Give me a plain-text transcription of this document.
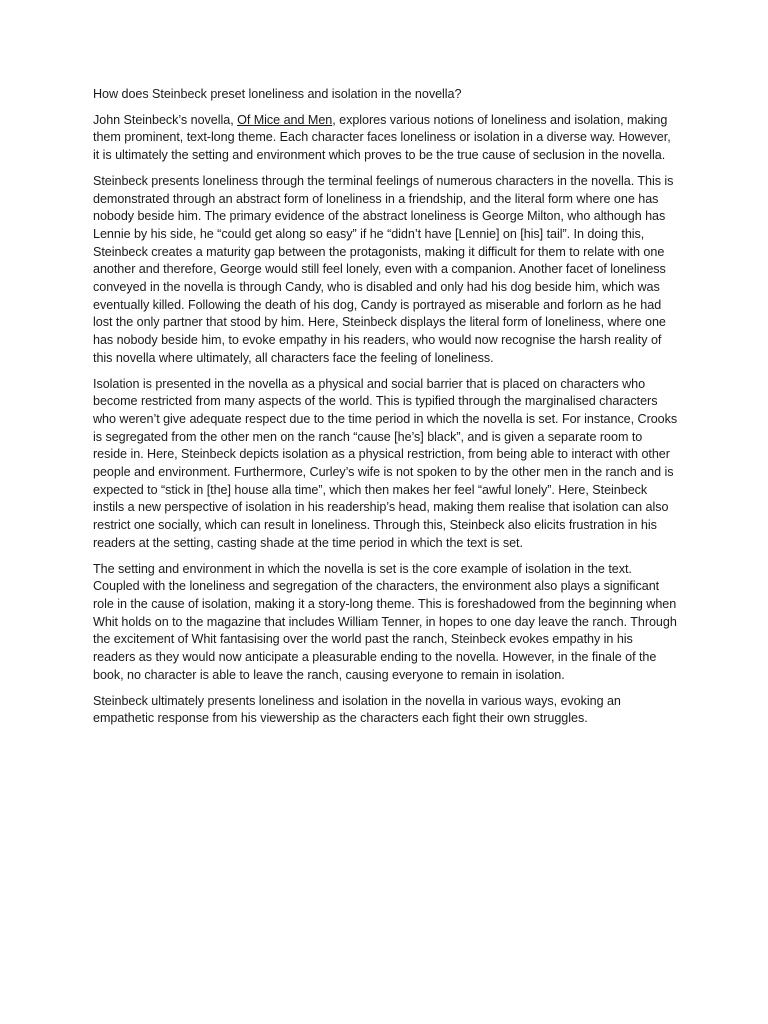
How does Steinbeck preset loneliness and isolation in the novella?

John Steinbeck’s novella, Of Mice and Men, explores various notions of loneliness and isolation, making them prominent, text-long theme. Each character faces loneliness or isolation in a diverse way. However, it is ultimately the setting and environment which proves to be the true cause of seclusion in the novella.

Steinbeck presents loneliness through the terminal feelings of numerous characters in the novella. This is demonstrated through an abstract form of loneliness in a friendship, and the literal form where one has nobody beside him. The primary evidence of the abstract loneliness is George Milton, who although has Lennie by his side, he “could get along so easy” if he “didn’t have [Lennie] on [his] tail”. In doing this, Steinbeck creates a maturity gap between the protagonists, making it difficult for them to relate with one another and therefore, George would still feel lonely, even with a companion. Another facet of loneliness conveyed in the novella is through Candy, who is disabled and only had his dog beside him, which was eventually killed. Following the death of his dog, Candy is portrayed as miserable and forlorn as he had lost the only partner that stood by him. Here, Steinbeck displays the literal form of loneliness, where one has nobody beside him, to evoke empathy in his readers, who would now recognise the harsh reality of this novella where ultimately, all characters face the feeling of loneliness.

Isolation is presented in the novella as a physical and social barrier that is placed on characters who become restricted from many aspects of the world. This is typified through the marginalised characters who weren’t give adequate respect due to the time period in which the novella is set. For instance, Crooks is segregated from the other men on the ranch “cause [he’s] black”, and is given a separate room to reside in. Here, Steinbeck depicts isolation as a physical restriction, from being able to interact with other people and environment. Furthermore, Curley’s wife is not spoken to by the other men in the ranch and is expected to “stick in [the] house alla time”, which then makes her feel “awful lonely”. Here, Steinbeck instils a new perspective of isolation in his readership’s head, making them realise that isolation can also restrict one socially, which can result in loneliness. Through this, Steinbeck also elicits frustration in his readers at the setting, casting shade at the time period in which the text is set.

The setting and environment in which the novella is set is the core example of isolation in the text. Coupled with the loneliness and segregation of the characters, the environment also plays a significant role in the cause of isolation, making it a story-long theme. This is foreshadowed from the beginning when Whit holds on to the magazine that includes William Tenner, in hopes to one day leave the ranch. Through the excitement of Whit fantasising over the world past the ranch, Steinbeck evokes empathy in his readers as they would now anticipate a pleasurable ending to the novella. However, in the finale of the book, no character is able to leave the ranch, causing everyone to remain in isolation.

Steinbeck ultimately presents loneliness and isolation in the novella in various ways, evoking an empathetic response from his viewership as the characters each fight their own struggles.
